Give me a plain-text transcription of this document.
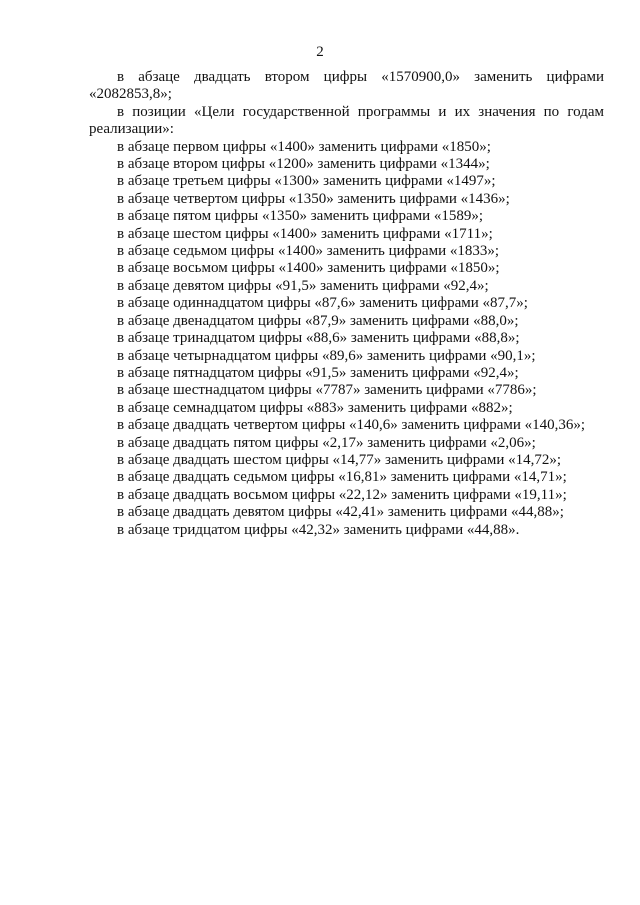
2

в абзаце двадцать втором цифры «1570900,0» заменить цифрами «2082853,8»;

в позиции «Цели государственной программы и их значения по годам реализации»:

в абзаце первом цифры «1400» заменить цифрами «1850»;

в абзаце втором цифры «1200» заменить цифрами «1344»;

в абзаце третьем цифры «1300» заменить цифрами «1497»;

в абзаце четвертом цифры «1350» заменить цифрами «1436»;

в абзаце пятом цифры «1350» заменить цифрами «1589»;

в абзаце шестом цифры «1400» заменить цифрами «1711»;

в абзаце седьмом цифры «1400» заменить цифрами «1833»;

в абзаце восьмом цифры «1400» заменить цифрами «1850»;

в абзаце девятом цифры «91,5» заменить цифрами «92,4»;

в абзаце одиннадцатом цифры «87,6» заменить цифрами «87,7»;

в абзаце двенадцатом цифры «87,9» заменить цифрами «88,0»;

в абзаце тринадцатом цифры «88,6» заменить цифрами «88,8»;

в абзаце четырнадцатом цифры «89,6» заменить цифрами «90,1»;

в абзаце пятнадцатом цифры «91,5» заменить цифрами «92,4»;

в абзаце шестнадцатом цифры «7787» заменить цифрами «7786»;

в абзаце семнадцатом цифры «883» заменить цифрами «882»;

в абзаце двадцать четвертом цифры «140,6» заменить цифрами «140,36»;

в абзаце двадцать пятом цифры «2,17» заменить цифрами «2,06»;

в абзаце двадцать шестом цифры «14,77» заменить цифрами «14,72»;

в абзаце двадцать седьмом цифры «16,81» заменить цифрами «14,71»;

в абзаце двадцать восьмом цифры «22,12» заменить цифрами «19,11»;

в абзаце двадцать девятом цифры «42,41» заменить цифрами «44,88»;

в абзаце тридцатом цифры «42,32» заменить цифрами «44,88».
